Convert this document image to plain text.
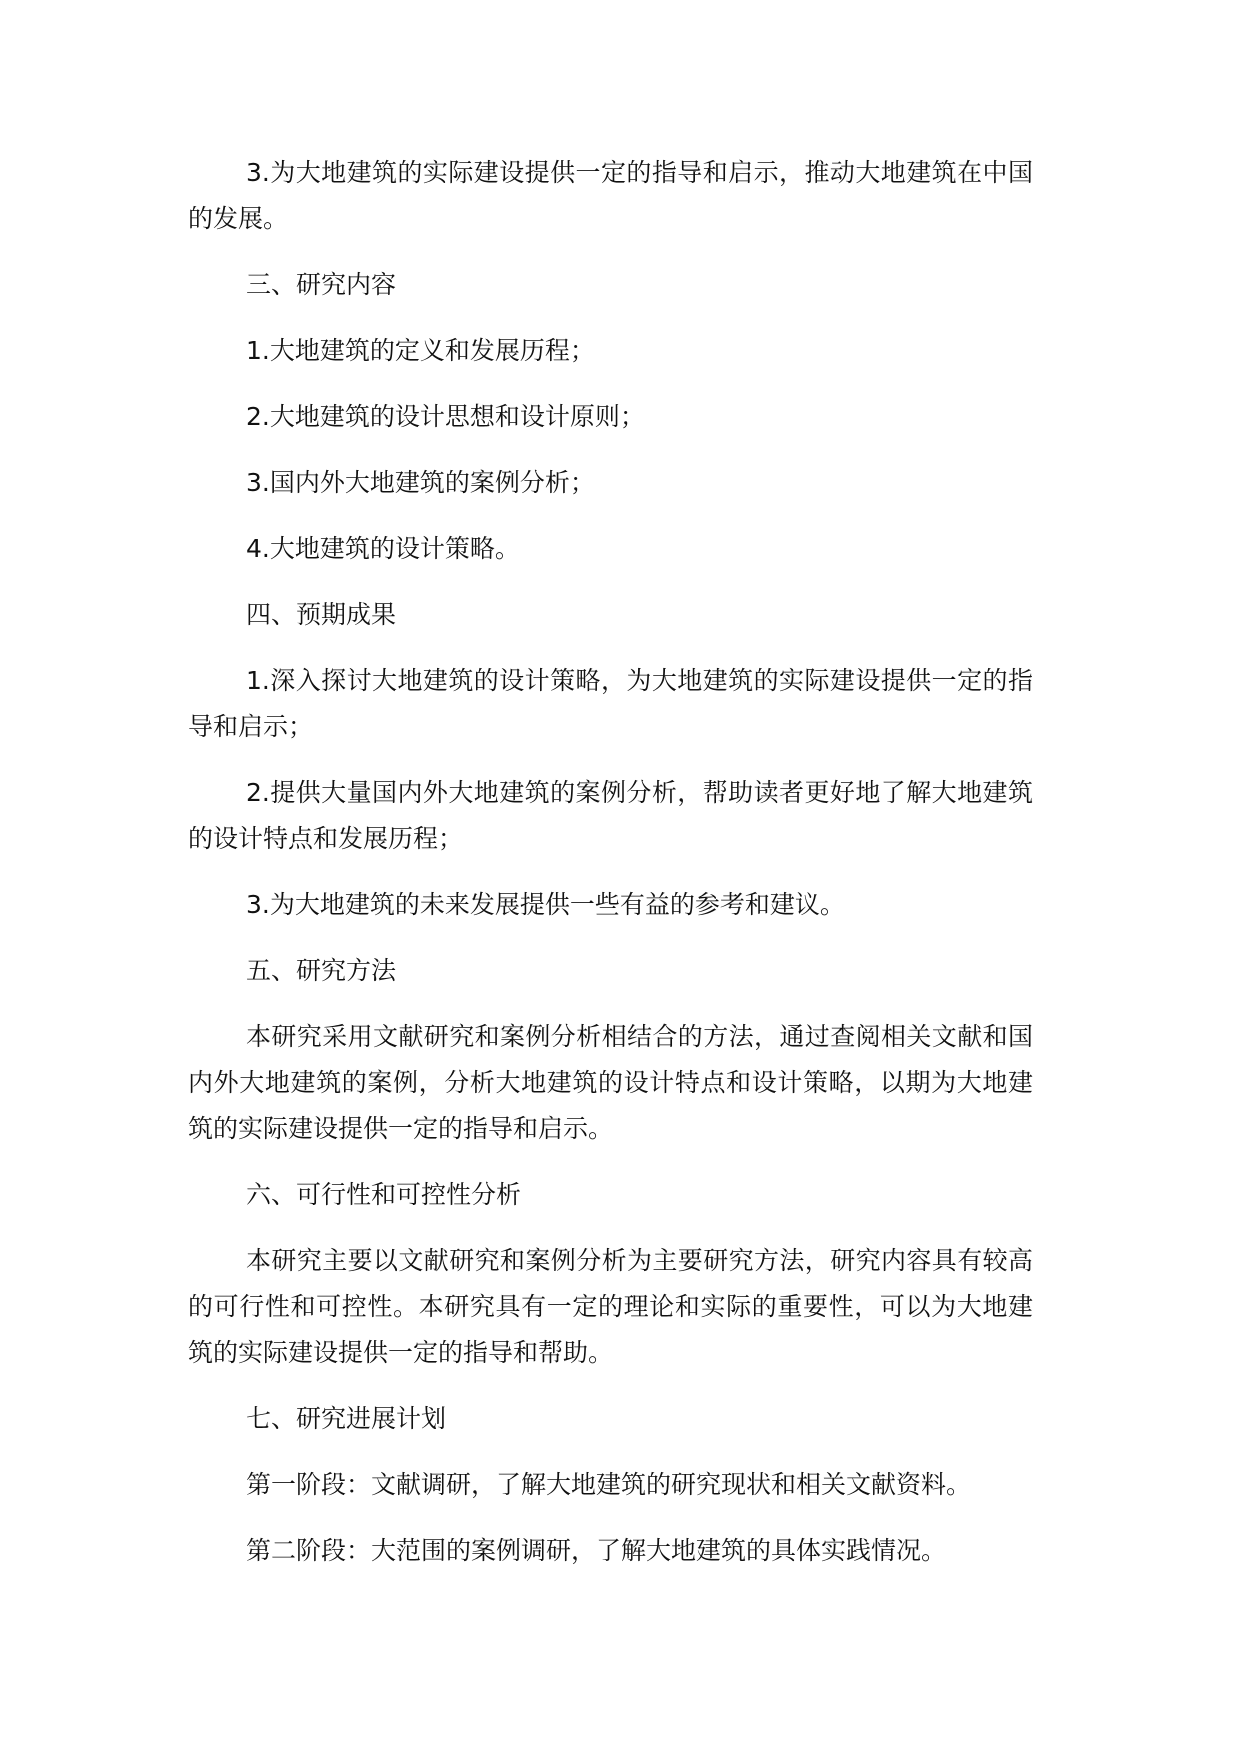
3.为大地建筑的实际建设提供一定的指导和启示，推动大地建筑在中国的发展。

三、研究内容

1.大地建筑的定义和发展历程；

2.大地建筑的设计思想和设计原则；

3.国内外大地建筑的案例分析；

4.大地建筑的设计策略。

四、预期成果

1.深入探讨大地建筑的设计策略，为大地建筑的实际建设提供一定的指导和启示；

2.提供大量国内外大地建筑的案例分析，帮助读者更好地了解大地建筑的设计特点和发展历程；

3.为大地建筑的未来发展提供一些有益的参考和建议。

五、研究方法

本研究采用文献研究和案例分析相结合的方法，通过查阅相关文献和国内外大地建筑的案例，分析大地建筑的设计特点和设计策略，以期为大地建筑的实际建设提供一定的指导和启示。

六、可行性和可控性分析

本研究主要以文献研究和案例分析为主要研究方法，研究内容具有较高的可行性和可控性。本研究具有一定的理论和实际的重要性，可以为大地建筑的实际建设提供一定的指导和帮助。

七、研究进展计划

第一阶段：文献调研，了解大地建筑的研究现状和相关文献资料。

第二阶段：大范围的案例调研，了解大地建筑的具体实践情况。
